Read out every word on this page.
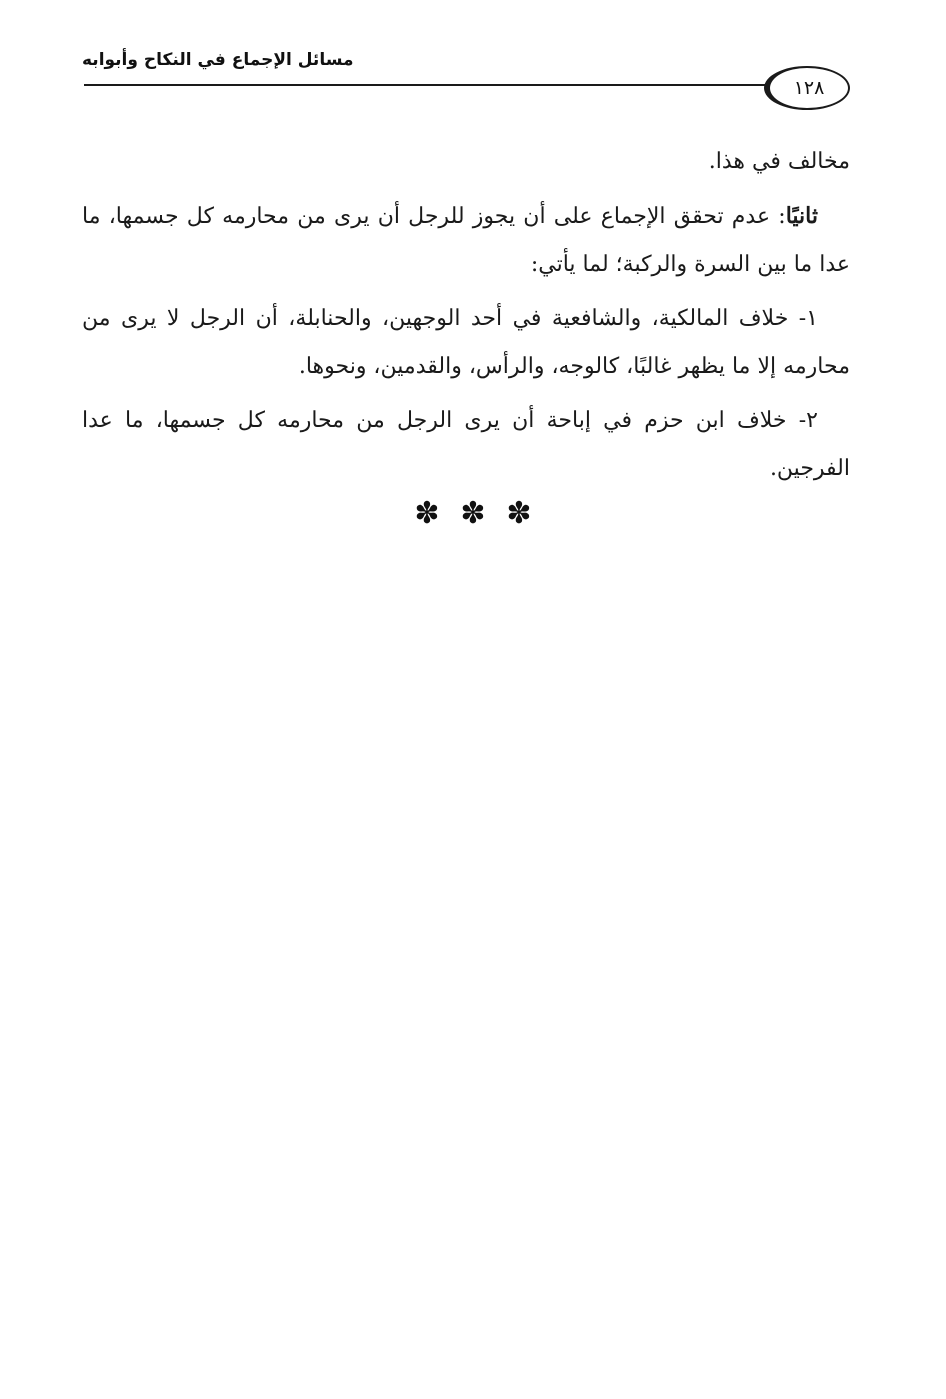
مسائل الإجماع في النكاح وأبوابه
١٢٨

مخالف في هذا.

ثانيًا: عدم تحقق الإجماع على أن يجوز للرجل أن يرى من محارمه كل جسمها، ما عدا ما بين السرة والركبة؛ لما يأتي:

١- خلاف المالكية، والشافعية في أحد الوجهين، والحنابلة، أن الرجل لا يرى من محارمه إلا ما يظهر غالبًا، كالوجه، والرأس، والقدمين، ونحوها.

٢- خلاف ابن حزم في إباحة أن يرى الرجل من محارمه كل جسمها، ما عدا الفرجين.

✽ ✽ ✽
